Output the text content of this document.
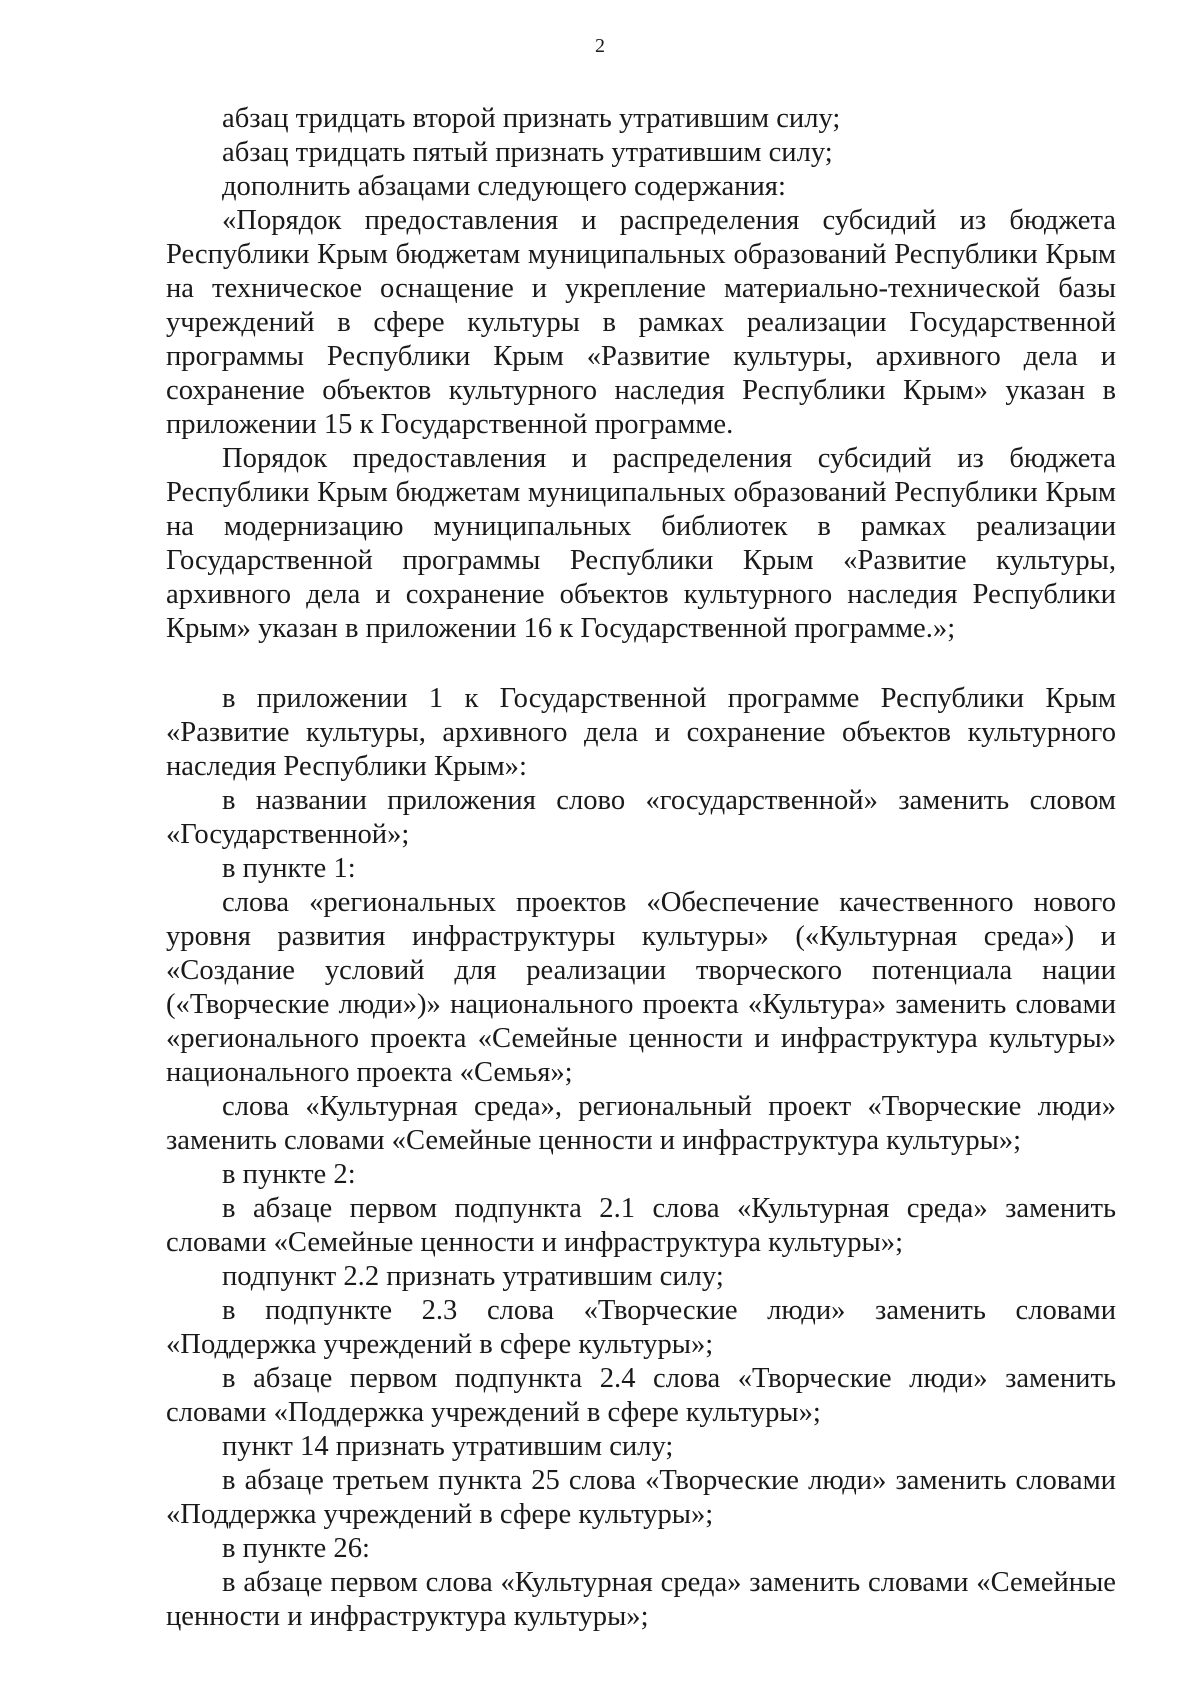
2

абзац тридцать второй признать утратившим силу;

абзац тридцать пятый признать утратившим силу;

дополнить абзацами следующего содержания:

«Порядок предоставления и распределения субсидий из бюджета Республики Крым бюджетам муниципальных образований Республики Крым на техническое оснащение и укрепление материально-технической базы учреждений в сфере культуры в рамках реализации Государственной программы Республики Крым «Развитие культуры, архивного дела и сохранение объектов культурного наследия Республики Крым» указан в приложении 15 к Государственной программе.

Порядок предоставления и распределения субсидий из бюджета Республики Крым бюджетам муниципальных образований Республики Крым на модернизацию муниципальных библиотек в рамках реализации Государственной программы Республики Крым «Развитие культуры, архивного дела и сохранение объектов культурного наследия Республики Крым» указан в приложении 16 к Государственной программе.»;

в приложении 1 к Государственной программе Республики Крым «Развитие культуры, архивного дела и сохранение объектов культурного наследия Республики Крым»:

в названии приложения слово «государственной» заменить словом «Государственной»;

в пункте 1:

слова «региональных проектов «Обеспечение качественного нового уровня развития инфраструктуры культуры» («Культурная среда») и «Создание условий для реализации творческого потенциала нации («Творческие люди»)» национального проекта «Культура» заменить словами «регионального проекта «Семейные ценности и инфраструктура культуры» национального проекта «Семья»;

слова «Культурная среда», региональный проект «Творческие люди» заменить словами «Семейные ценности и инфраструктура культуры»;

в пункте 2:

в абзаце первом подпункта 2.1 слова «Культурная среда» заменить словами «Семейные ценности и инфраструктура культуры»;

подпункт 2.2 признать утратившим силу;

в подпункте 2.3 слова «Творческие люди» заменить словами «Поддержка учреждений в сфере культуры»;

в абзаце первом подпункта 2.4 слова «Творческие люди» заменить словами «Поддержка учреждений в сфере культуры»;

пункт 14 признать утратившим силу;

в абзаце третьем пункта 25 слова «Творческие люди» заменить словами «Поддержка учреждений в сфере культуры»;

в пункте 26:

в абзаце первом слова «Культурная среда» заменить словами «Семейные ценности и инфраструктура культуры»;
